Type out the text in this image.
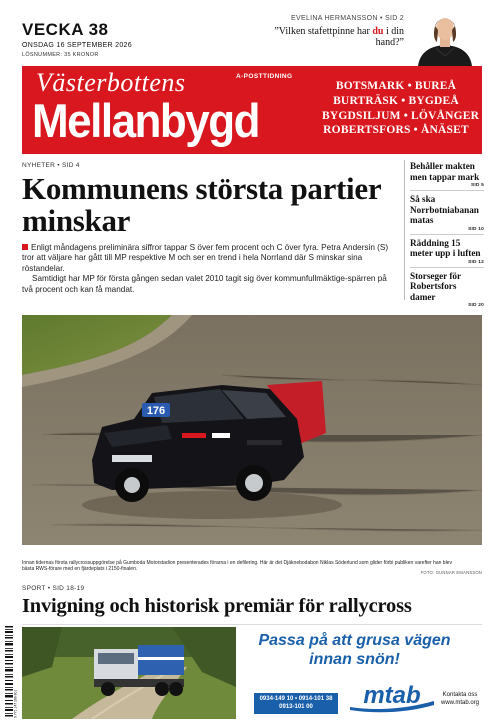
VECKA 38
ONSDAG 16 SEPTEMBER 2026
LÖSNUMMER: 35 KRONOR
EVELINA HERMANSSON • SID 2
”Vilken stafettpinne har du i din hand?”
Västerbottens	A-POSTTIDNING
Mellanbygd
BOTSMARK • BUREÅ
BURTRÄSK • BYGDEÅ
BYGDSILJUM • LÖVÅNGER
ROBERTSFORS • ÅNÄSET
NYHETER • SID 4
Kommunens största partier minskar

Enligt måndagens preliminära siffror tappar S över fem procent och C över fyra. Petra Andersin (S) tror att väljare har gått till MP respektive M och ser en trend i hela Norrland där S minskar sina röstandelar.

Samtidigt har MP för första gången sedan valet 2010 tagit sig över kommunfullmäktige-spärren på två procent och kan få mandat.

Behåller makten men tappar mark
SID 5
Så ska Norrbotniabanan matas
SID 10
Räddning 15 meter upp i luften
SID 12
Storseger för Robertsfors damer
SID 20
176
Innan tidernas första rallycrossuppgörelse på Gumboda Motorstadion presenterades förarna i en defilering. Här är det Djäknebodabon Niklas Söderlund som glider förbi publiken varefter han blev bästa RWS-förare med en fjärdeplats i 2150-finalen.
FOTO: GUNNAR EMANSSON
SPORT • SID 18-19
Invigning och historisk premiär för rallycross
9 771 147 286 801
Passa på att grusa vägen innan snön!
0934-149 10 • 0914-101 38
0913-101 00	mtab	Kontakta oss
www.mtab.org
